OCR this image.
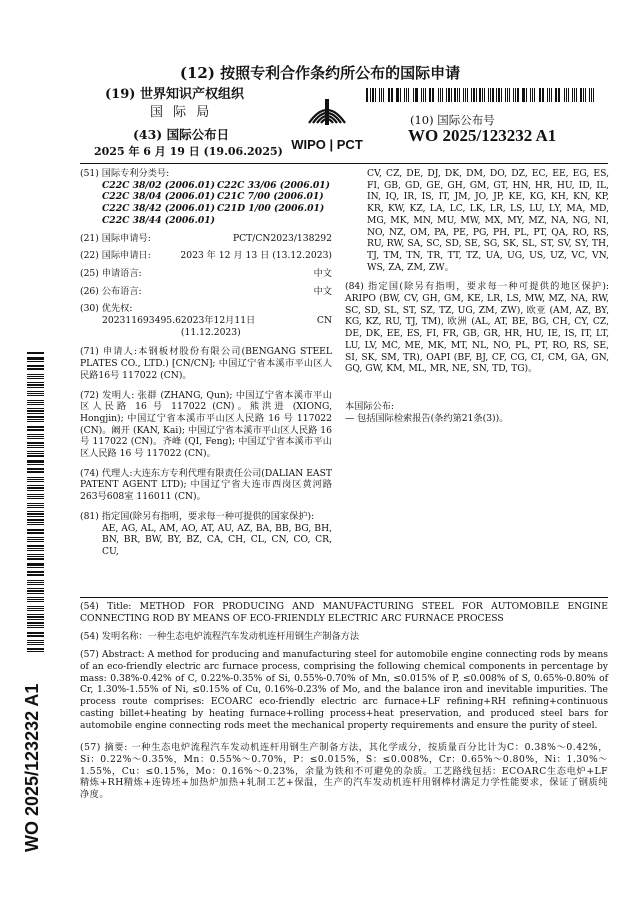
(12) 按照专利合作条约所公布的国际申请
(19) 世界知识产权组织
国 际 局
(43) 国际公布日
2025 年 6 月 19 日 (19.06.2025) WIPO | PCT
(10) 国际公布号
WO 2025/123232 A1
WO 2025/123232 A1
(51) 国际专利分类号:
C22C 38/02 (2006.01) C22C 33/06 (2006.01)
C22C 38/04 (2006.01) C21C 7/00 (2006.01)
C22C 38/42 (2006.01) C21D 1/00 (2006.01)
C22C 38/44 (2006.01)
(21) 国际申请号:	PCT/CN2023/138292
(22) 国际申请日:	2023 年 12 月 13 日 (13.12.2023)
(25) 申请语言:	中文
(26) 公布语言:	中文
(30) 优先权:
202311693495.6 2023年12月11日 (11.12.2023)
CN
(71) 申请人:本钢板材股份有限公司(BENGANG STEEL PLATES CO., LTD.) [CN/CN]; 中国辽宁省本溪市平山区人民路16号 117022 (CN)。
(72) 发明人: 张群 (ZHANG, Qun); 中国辽宁省本溪市平山区人民路 16 号 117022 (CN)。熊洪进 (XIONG, Hongjin); 中国辽宁省本溪市平山区人民路 16 号 117022 (CN)。阚开 (KAN, Kai); 中国辽宁省本溪市平山区人民路 16 号 117022 (CN)。齐峰 (QI, Feng); 中国辽宁省本溪市平山区人民路 16 号 117022 (CN)。
(74) 代理人:大连东方专利代理有限责任公司(DALIAN EAST PATENT AGENT LTD); 中国辽宁省大连市西岗区黄河路263号608室 116011 (CN)。
(81) 指定国(除另有指明，要求每一种可提供的国家保护):
AE, AG, AL, AM, AO, AT, AU, AZ, BA, BB, BG, BH, BN, BR, BW, BY, BZ, CA, CH, CL, CN, CO, CR, CU,
CV, CZ, DE, DJ, DK, DM, DO, DZ, EC, EE, EG, ES, FI, GB, GD, GE, GH, GM, GT, HN, HR, HU, ID, IL, IN, IQ, IR, IS, IT, JM, JO, JP, KE, KG, KH, KN, KP, KR, KW, KZ, LA, LC, LK, LR, LS, LU, LY, MA, MD, MG, MK, MN, MU, MW, MX, MY, MZ, NA, NG, NI, NO, NZ, OM, PA, PE, PG, PH, PL, PT, QA, RO, RS, RU, RW, SA, SC, SD, SE, SG, SK, SL, ST, SV, SY, TH, TJ, TM, TN, TR, TT, TZ, UA, UG, US, UZ, VC, VN, WS, ZA, ZM, ZW。
(84) 指定国(除另有指明，要求每一种可提供的地区保护): ARIPO (BW, CV, GH, GM, KE, LR, LS, MW, MZ, NA, RW, SC, SD, SL, ST, SZ, TZ, UG, ZM, ZW), 欧亚 (AM, AZ, BY, KG, KZ, RU, TJ, TM), 欧洲 (AL, AT, BE, BG, CH, CY, CZ, DE, DK, EE, ES, FI, FR, GB, GR, HR, HU, IE, IS, IT, LT, LU, LV, MC, ME, MK, MT, NL, NO, PL, PT, RO, RS, SE, SI, SK, SM, TR), OAPI (BF, BJ, CF, CG, CI, CM, GA, GN, GQ, GW, KM, ML, MR, NE, SN, TD, TG)。
本国际公布:
— 包括国际检索报告(条约第21条(3))。
(54) Title: METHOD FOR PRODUCING AND MANUFACTURING STEEL FOR AUTOMOBILE ENGINE CONNECTING ROD BY MEANS OF ECO-FRIENDLY ELECTRIC ARC FURNACE PROCESS
(54) 发明名称：一种生态电炉流程汽车发动机连杆用钢生产制备方法
(57) Abstract: A method for producing and manufacturing steel for automobile engine connecting rods by means of an eco-friendly electric arc furnace process, comprising the following chemical components in percentage by mass: 0.38%-0.42% of C, 0.22%-0.35% of Si, 0.55%-0.70% of Mn, ≤0.015% of P, ≤0.008% of S, 0.65%-0.80% of Cr, 1.30%-1.55% of Ni, ≤0.15% of Cu, 0.16%-0.23% of Mo, and the balance iron and inevitable impurities. The process route comprises: ECOARC eco-friendly electric arc furnace+LF refining+RH refining+continuous casting billet+heating by heating furnace+rolling process+heat preservation, and produced steel bars for automobile engine connecting rods meet the mechanical property requirements and ensure the purity of steel.
(57) 摘要: 一种生态电炉流程汽车发动机连杆用钢生产制备方法，其化学成分，按质量百分比计为C：0.38%～0.42%，Si：0.22%～0.35%，Mn：0.55%～0.70%，P：≤0.015%，S：≤0.008%，Cr：0.65%～0.80%，Ni：1.30%～1.55%，Cu：≤0.15%，Mo：0.16%～0.23%，余量为铁和不可避免的杂质。工艺路线包括：ECOARC生态电炉+LF精炼+RH精炼+连铸坯+加热炉加热+轧制工艺+保温，生产的汽车发动机连杆用钢棒材满足力学性能要求，保证了钢质纯净度。
